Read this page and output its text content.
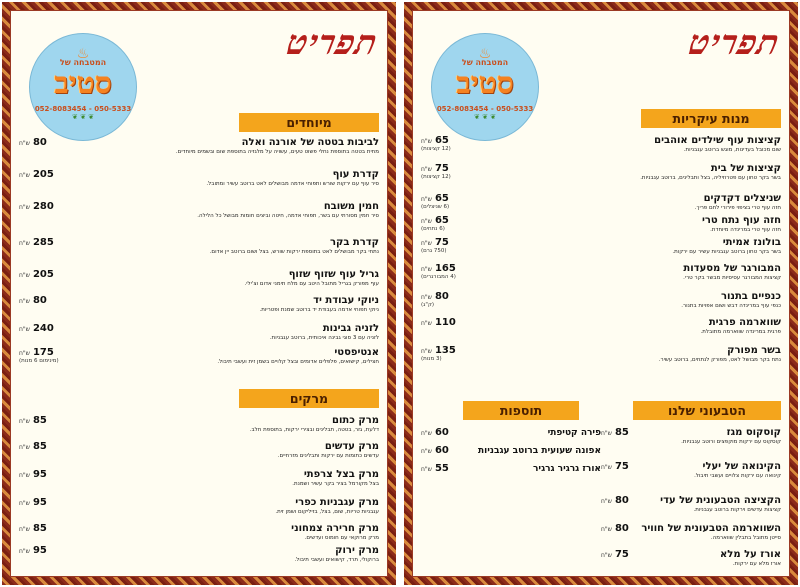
תפריט
♨
המטבחה של
סטיב
052-8083454 - 050-5333
❦ ❦ ❦	מיוחדים
לביבות בטטה של אורנה ואלה
מחית בטטה בתוספת נחלי פשוט טעים, עשויה על מלגזיה בתוספת שום ובשמים מיוחדים.
ש"ח 80
קדרת עוף
סיר עוף עם ירקות שורש ותפוחי אדמה מבושלים לאט ברוטב עשיר ומתובל.
ש"ח 205
חמין משובח
סיר חמין מסורתי עם בשר, תפוחי אדמה, חיטה וביצים חומות מבושל כל הלילה.
ש"ח 280
קדרת בקר
נתחי בקר מבושלים לאט בתוספת ירקות שורש, בצל ושום ברוטב יין אדום.
ש"ח 285
גריל עוף שזוף שזוף
עוף מפורק בגריל מתובל היטב עם מלח תימני אדום וצ'ילי.
ש"ח 205
ניוקי עבודת יד
ניוקי תפוחי אדמה בעבודת יד ברוטב שמנת ופטריות.
ש"ח 80
לזניה גבינות
לזניה עם 3 סוגי גבינה איכותית, ברוטב עגבניות.
ש"ח 240
אנטיפסטי
חצילים, קישואים, פלפלים אדומים ובצל קלויים בשמן זית ועשבי תיבול.
ש"ח 175
(מינימום 6 מנות)
מרקים
מרק כתום
דלעת, גזר, בטטה, תבלינים ובצירי ירקות, בתוספת חלב.
ש"ח 85
מרק עדשים
עדשים כתומות עם ירקות ותבלינים מזרחיים.
ש"ח 85
מרק בצל צרפתי
בצל מקורמל בציר בקר עשיר ושמנת.
ש"ח 95
מרק עגבניות כפרי
עגבניות טריות, שום, בצל, בזיליקום ושמן זית.
ש"ח 95
מרק חרירה צמחוני
מרק מרוקאי עם חומוס ועדשים.
ש"ח 85
מרק ירוק
ברוקולי, תרד, קישואים ועשבי תיבול.
ש"ח 95
תפריט
♨
המטבחה של
סטיב
052-8083454 - 050-5333
❦ ❦ ❦	מנות עיקריות
קציצות עוף שילדים אוהבים
שום מכובל בעדינות, מוגש ברוטב עגבניות.
ש"ח 65
(12 קציצות)
קציצות של בית
בשר בקר טחון עם פטרוזיליה, בצל ותבלינים, ברוטב עגבניות.
ש"ח 75
(12 קציצות)
שניצלים דקדקים
חזה עוף טרי בציפוי פירורי לחם פריך.
ש"ח 65
(6 שניצלים)
חזה עוף נתח טרי
חזה עוף טרי במרינדה מיוחדת.
ש"ח 65
(6 נתחים)
בולונז אמיתי
בשר בקר טחון ברוטב עגבניות עשיר עם ירקות.
ש"ח 75
(750 גרם)
המבורגר של מסעדות
קציצות המבורגר עסיסיות מבשר בקר טרי.
ש"ח 165
(4 המבורגרים)
כנפיים בתנור
כנפי עוף במרינדה דבש ושום אפויות בתנור.
ש"ח 80
(ק"ג)
שווארמה פרגית
פרגית במרינדה שווארמה מתובלת.
ש"ח 110
בשר מפורק
נתח בקר מבושל לאט, מפורק לנתחים, ברוטב עשיר.
ש"ח 135
(3 מנות)
הטבעוני שלנו
תוספות
קוסקוס מגז
קוסקוס עם ירקות מוקפצים ורוטב עגבניות.
ש"ח 85
הקינואה של יעלי
קינואה עם ירקות צלויים ועשבי תיבול.
ש"ח 75
הקציצה הטבעונית של עדי
קציצות עדשים וירקות ברוטב עגבניות.
ש"ח 80
השווארמה הטבעונית של חוויר
סייטן מתובל בתבלין שווארמה.
ש"ח 80
אורז על מלא
אורז מלא עם ירקות.
ש"ח 75
פירה קטיפתי
ש"ח 60
אפונה שעועית ברוטב עגבניות
ש"ח 60
אורז גרגיר גרגיר
ש"ח 55
